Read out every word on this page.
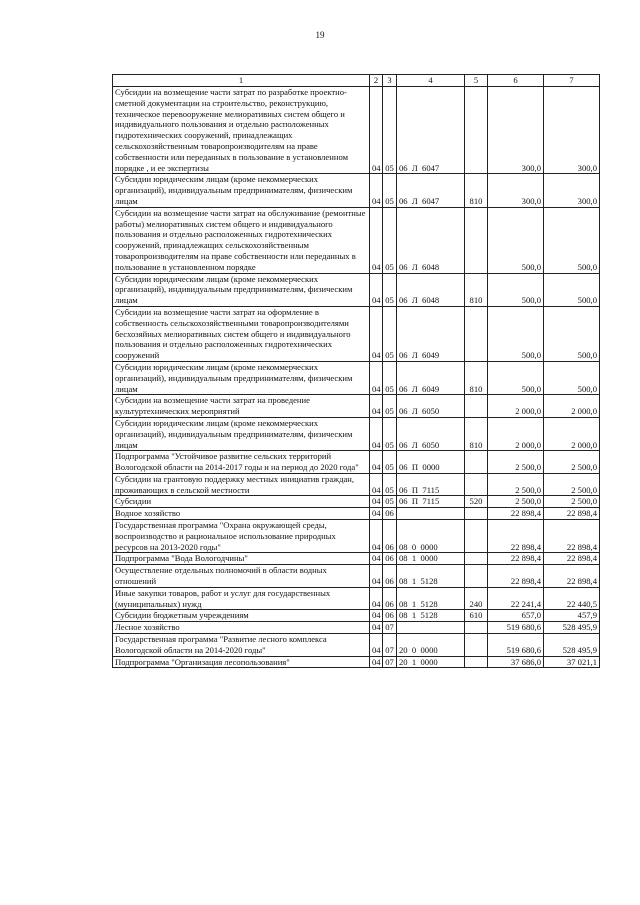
19
1	2	3	4	5	6	7
Субсидии на возмещение части затрат по разработке проектно-сметной документации на строительство, реконструкцию, техническое перевооружение мелиоративных систем общего и индивидуального пользования и отдельно расположенных гидротехнических сооружений, принадлежащих сельскохозяйственным товаропроизводителям на праве собственности или переданных в пользование в установленном порядке , и ее экспертизы	04	05	06  Л  6047		300,0	300,0
Субсидии юридическим лицам (кроме некоммерческих организаций), индивидуальным предпринимателям, физическим лицам	04	05	06  Л  6047	810	300,0	300,0
Субсидии на возмещение части затрат на обслуживание (ремонтные работы) мелиоративных систем общего и индивидуального пользования и отдельно расположенных гидротехнических сооружений, принадлежащих сельскохозяйственным товаропроизводителям на праве собственности или переданных в пользование в установленном порядке	04	05	06  Л  6048		500,0	500,0
Субсидии юридическим лицам (кроме некоммерческих организаций), индивидуальным предпринимателям, физическим лицам	04	05	06  Л  6048	810	500,0	500,0
Субсидии на возмещение части затрат на оформление в собственность сельскохозяйственными товаропроизводителями бесхозяйных мелиоративных систем общего и индивидуального пользования и отдельно расположенных гидротехнических сооружений	04	05	06  Л  6049		500,0	500,0
Субсидии юридическим лицам (кроме некоммерческих организаций), индивидуальным предпринимателям, физическим лицам	04	05	06  Л  6049	810	500,0	500,0
Субсидии на возмещение части затрат на проведение культуртехнических мероприятий	04	05	06  Л  6050		2 000,0	2 000,0
Субсидии юридическим лицам (кроме некоммерческих организаций), индивидуальным предпринимателям, физическим лицам	04	05	06  Л  6050	810	2 000,0	2 000,0
Подпрограмма "Устойчивое развитие сельских территорий Вологодской области на 2014-2017 годы и на период до 2020 года"	04	05	06  П  0000		2 500,0	2 500,0
Субсидии на грантовую поддержку местных инициатив граждан, проживающих в сельской местности	04	05	06  П  7115		2 500,0	2 500,0
Субсидии	04	05	06  П  7115	520	2 500,0	2 500,0
Водное хозяйство	04	06			22 898,4	22 898,4
Государственная программа "Охрана окружающей среды, воспроизводство и рациональное использование природных ресурсов на 2013-2020 годы"	04	06	08  0  0000		22 898,4	22 898,4
Подпрограмма "Вода Вологодчины"	04	06	08  1  0000		22 898,4	22 898,4
Осуществление отдельных полномочий в области водных отношений	04	06	08  1  5128		22 898,4	22 898,4
Иные закупки товаров, работ и услуг для государственных (муниципальных) нужд	04	06	08  1  5128	240	22 241,4	22 440,5
Субсидии бюджетным учреждениям	04	06	08  1  5128	610	657,0	457,9
Лесное хозяйство	04	07			519 680,6	528 495,9
Государственная программа "Развитие лесного комплекса Вологодской области на 2014-2020 годы"	04	07	20  0  0000		519 680,6	528 495,9
Подпрограмма "Организация лесопользования"	04	07	20  1  0000		37 686,0	37 021,1
